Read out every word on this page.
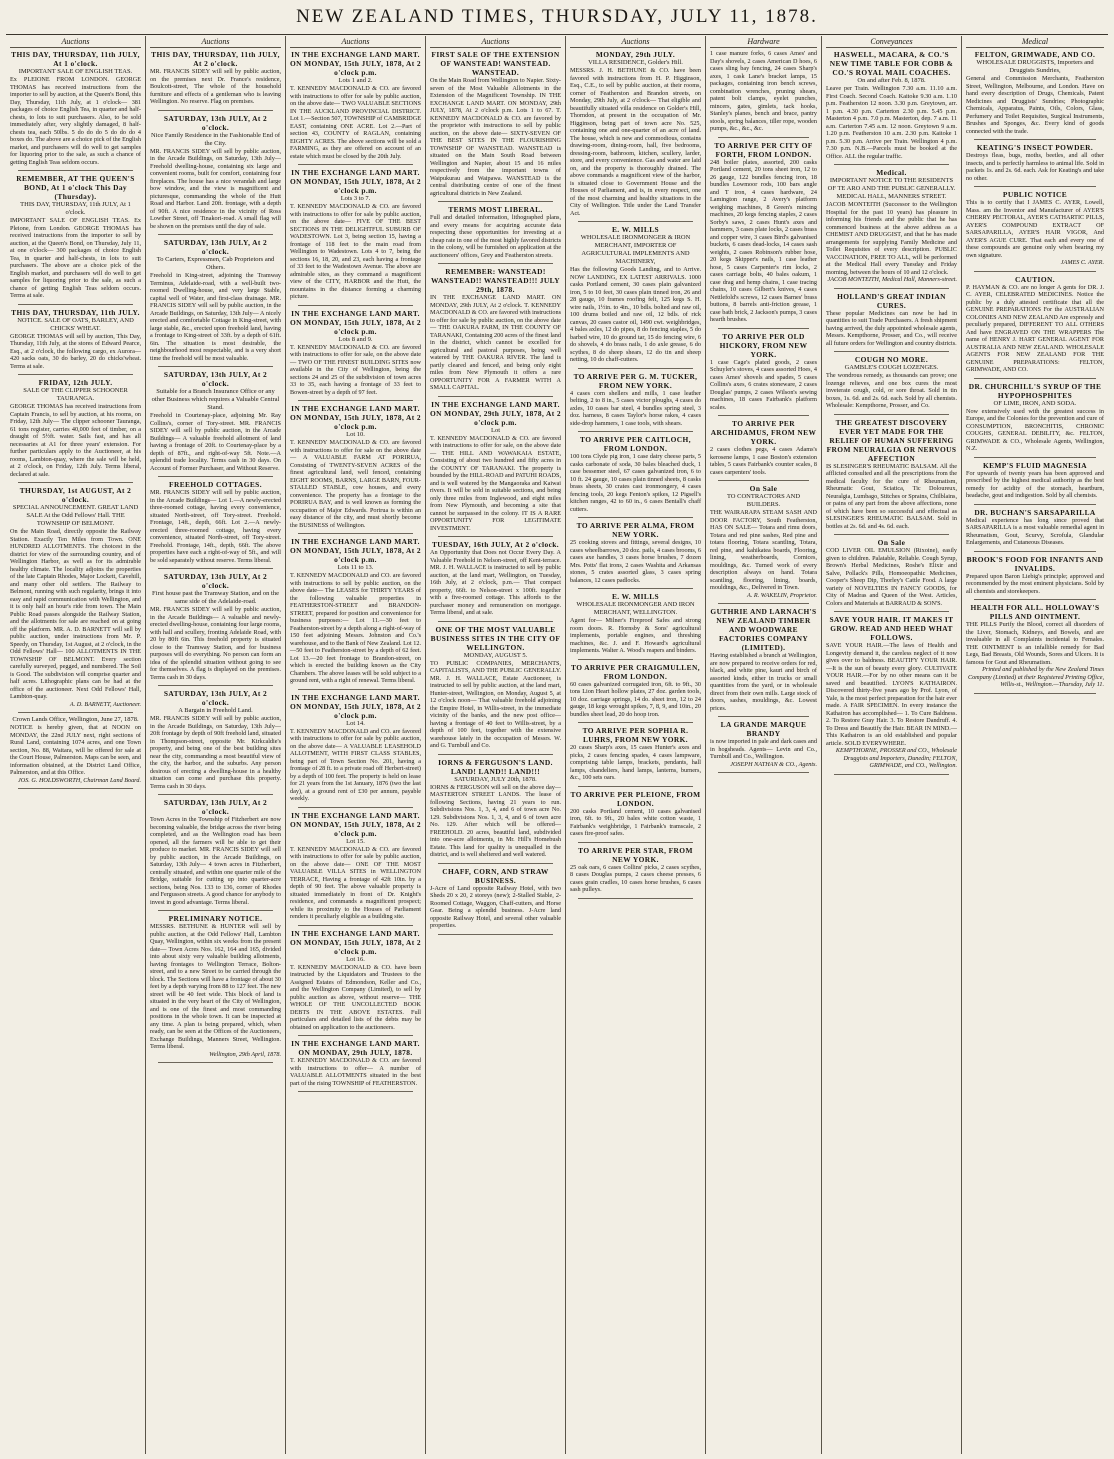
NEW ZEALAND TIMES, THURSDAY, JULY 11, 1878.
Auctions
THIS DAY, THURSDAY, 11th JULY, At 1 o'clock.
IMPORTANT SALE OF ENGLISH TEAS.
Ex PLEIONE FROM LONDON. GEORGE THOMAS has received instructions from the importer to sell by auction, at the Queen's Bond, this Day, Thursday, 11th July, at 1 o'clock— 381 packages of choice English Tea, in quarter and half-chests, to lots to suit purchasers. Also, to be sold immediately after, very slightly damaged, 8 half-chests tea, each 50lbs. 5 do do do 5 do do do 4 boxes do. The above are a choice pick of the English market, and purchasers will do well to get samples for liquoring prior to the sale, as such a chance of getting English Teas seldom occurs.
REMEMBER, AT THE QUEEN'S BOND, At 1 o'clock This Day (Thursday).
THIS DAY, THURSDAY, 11th JULY, At 1 o'clock.
IMPORTANT SALE OF ENGLISH TEAS. Ex Pleione, from London. GEORGE THOMAS has received instructions from the importer to sell by auction, at the Queen's Bond, on Thursday, July 11, at one o'clock— 300 packages of choice English Tea, in quarter and half-chests, in lots to suit purchasers. The above are a choice pick of the English market, and purchasers will do well to get samples for liquoring prior to the sale, as such a chance of getting English Teas seldom occurs. Terms at sale.
THIS DAY, THURSDAY, 11th JULY.
NOTICE. SALE OF OATS, BARLEY, AND CHICKS' WHEAT.
GEORGE THOMAS will sell by auction, This Day, Thursday, 11th July, at the stores of Edward Pearce, Esq., at 2 o'clock, the following cargo, ex Aurora— 420 sacks oats, 30 do barley, 20 do chicks'wheat. Terms at sale.
FRIDAY, 12th JULY.
SALE OF THE CLIPPER SCHOONER TAURANGA.
GEORGE THOMAS has received instructions from Captain Francis, to sell by auction, at his rooms, on Friday, 12th July— The clipper schooner Tauranga, 61 tons register, carries 40,000 feet of timber, on a draught of 5½ft. water. Sails fast, and has all necessaries at A1 for three years' extension. For further particulars apply to the Auctioneer, at his rooms, Lambton-quay, where the sale will be held, at 2 o'clock, on Friday, 12th July. Terms liberal, declared at sale.
THURSDAY, 1st AUGUST, At 2 o'clock.
SPECIAL ANNOUNCEMENT. GREAT LAND SALE At the Odd Fellows' Hall. THE TOWNSHIP OF BELMONT.
On the Main Road, directly opposite the Railway Station. Exactly Ten Miles from Town. ONE HUNDRED ALLOTMENTS. The choicest in the district for view of the surrounding country, and of Wellington Harbor, as well as for its admirable healthy climate. The locality adjoins the properties of the late Captain Rhodes, Major Lockett, Cavehill, and many other old settlers. The Railway to Belmont, running with such regularity, brings it into easy and rapid communication with Wellington, and it is only half an hour's ride from town. The Main Public Road passes alongside the Railway Station, and the allotments for sale are reached on at going off the platform. MR. A. D. BARNETT will sell by public auction, under instructions from Mr. P. Speedy, on Thursday, 1st August, at 2 o'clock, in the Odd Fellows' Hall— 100 ALLOTMENTS IN THE TOWNSHIP OF BELMONT. Every section carefully surveyed, pegged, and numbered. The Soil is Good. The subdivision will comprise quarter and half acres. Lithographic plans can be had at the office of the auctioneer. Next Odd Fellows' Hall, Lambton-quay.
A. D. BARNETT, Auctioneer.
Crown Lands Office, Wellington, June 27, 1878.
NOTICE is hereby given, that at NOON on MONDAY, the 22nd JULY next, right sections of Rural Land, containing 1074 acres, and one Town section, No. 88, Waitara, will be offered for sale at the Court House, Palmerston. Maps can be seen, and information obtained, at the District Land Office, Palmerston, and at this Office.
JOS. G. HOLDSWORTH, Chairman Land Board.
Auctions
THIS DAY, THURSDAY, 11th JULY, At 2 o'clock.
MR. FRANCIS SIDEY will sell by public auction, on the premises next Dr. France's residence, Boulcott-street, The whole of the household furniture and effects of a gentleman who is leaving Wellington. No reserve. Flag on premises.
SATURDAY, 13th JULY, At 2 o'clock.
Nice Family Residence in the Fashionable End of the City.
MR. FRANCIS SIDEY will sell by public auction, in the Arcade Buildings, on Saturday, 13th July— Freehold dwelling-house, containing six large and convenient rooms, built for comfort, containing four fireplaces. The house has a nice verandah and large bow window, and the view is magnificent and picturesque, commanding the whole of the Hutt Road and Harbor. Land 20ft. frontage, with a depth of 90ft. A nice residence in the vicinity of Ross Lowther Street, off Tinakori-road. A small flag will be shown on the premises until the day of sale.
SATURDAY, 13th JULY, At 2 o'clock.
To Carters, Expressmen, Cab Proprietors and Others.
Freehold in King-street, adjoining the Tramway Terminus, Adelaide-road, with a well-built two-roomed Dwelling-house, and very large Stable, capital well of Water, and first-class drainage. MR. FRANCIS SIDEY will sell by public auction, in the Arcade Buildings, on Saturday, 13th July— A nicely erected and comfortable Cottage in King-street, with large stable, &c., erected upon freehold land, having a frontage to King-street of 33ft. by a depth of 61ft. 6in. The situation is most desirable, the neighbourhood most respectable, and is a very short time the freehold will be most valuable.
SATURDAY, 13th JULY, At 2 o'clock.
Suitable for a Branch Insurance Office or any other Business which requires a Valuable Central Stand.
Freehold in Courtenay-place, adjoining Mr. Ray Collins's, corner of Tory-street. MR. FRANCIS SIDEY will sell by public auction, in the Arcade Buildings— A valuable freehold allotment of land having a frontage of 20ft. to Courtenay-place by a depth of 87ft., and right-of-way 5ft. Note.—A splendid trade locality. Terms cash in 30 days. On Account of Former Purchaser, and Without Reserve.
FREEHOLD COTTAGES.
MR. FRANCIS SIDEY will sell by public auction, in the Arcade Buildings— Lot 1.—A newly-erected three-roomed cottage, having every convenience, situated North-street, off Tory-street. Freehold. Frontage, 14ft., depth, 66ft. Lot 2.—A newly-erected three-roomed cottage, having every convenience, situated North-street, off Tory-street. Freehold. Frontage, 14ft., depth, 66ft. The above properties have each a right-of-way of 5ft., and will be sold separately without reserve. Terms liberal.
SATURDAY, 13th JULY, At 2 o'clock.
First house past the Tramway Station, and on the same side of the Adelaide-road.
MR. FRANCIS SIDEY will sell by public auction, in the Arcade Buildings— A valuable and newly-erected dwelling-house, containing four large rooms, with hall and scullery, fronting Adelaide Road, with 20 by 80ft 6in. This freehold property is situated close to the Tramway Station, and for business purposes will do everything. No person can form an idea of the splendid situation without going to see for themselves. A flag is displayed on the premises. Terms cash in 30 days.
SATURDAY, 13th JULY, At 2 o'clock.
A Bargain in Freehold Land.
MR. FRANCIS SIDEY will sell by public auction, in the Arcade Buildings, on Saturday, 13th July— 20ft frontage by depth of 90ft freehold land, situated in Thompson-street, opposite Mr. Kirkcaldie's property, and being one of the best building sites near the city, commanding a most beautiful view of the city, the harbor, and the suburbs. Any person desirous of erecting a dwelling-house in a healthy situation can come and purchase this property. Terms cash in 30 days.
SATURDAY, 13th JULY, At 2 o'clock.
Town Acres in the Township of Fitzherbert are now becoming valuable, the bridge across the river being completed, and as the Wellington road has been opened, all the farmers will be able to get their produce to market. MR. FRANCIS SIDEY will sell by public auction, in the Arcade Buildings, on Saturday, 13th July— 4 town acres in Fitzherbert, centrally situated, and within one quarter mile of the Bridge, suitable for cutting up into quarter-acre sections, being Nos. 133 to 136, corner of Rhodes and Fergusson streets. A good chance for anybody to invest in good advantage. Terms liberal.
PRELIMINARY NOTICE.
MESSRS. BETHUNE & HUNTER will sell by public auction, at the Odd Fellows' Hall, Lambton Quay, Wellington, within six weeks from the present date— Town Acres Nos. 162, 164 and 165, divided into about sixty very valuable building allotments, having frontages to Wellington Terrace, Bolton-street, and to a new Street to be carried through the block. The Sections will have a frontage of about 30 feet by a depth varying from 88 to 127 feet. The new street will be 40 feet wide. This block of land is situated in the very heart of the City of Wellington, and is one of the finest and most commanding positions in the whole town. It can be inspected at any time. A plan is being prepared, which, when ready, can be seen at the Offices of the Auctioneers, Exchange Buildings, Manners Street, Wellington. Terms liberal.
Wellington, 29th April, 1878.
Auctions
IN THE EXCHANGE LAND MART. ON MONDAY, 15th JULY, 1878, At 2 o'clock p.m.
Lots 1 and 2.
T. KENNEDY MACDONALD & CO. are favored with instructions to offer for sale by public auction, on the above date— TWO VALUABLE SECTIONS IN THE AUCKLAND PROVINCIAL DISTRICT. Lot 1.—Section 507, TOWNSHIP of CAMBRIDGE EAST, containing ONE ACRE. Lot 2.—Part of section 43, COUNTY of RAGLAN, containing EIGHTY ACRES. The above sections will be sold a FARMING, as they are offered on account of an estate which must be closed by the 20th July.
IN THE EXCHANGE LAND MART. ON MONDAY, 15th JULY, 1878, At 2 o'clock p.m.
Lots 3 to 7.
T. KENNEDY MACDONALD & CO. are favored with instructions to offer for sale by public auction, on the above date— FIVE OF THE BEST SECTIONS IN THE DELIGHTFUL SUBURB OF WADESTOWN. Lot 3, being section 15, having a frontage of 118 feet to the main road from Wellington to Wadestown. Lots 4 to 7, being the sections 16, 18, 20, and 23, each having a frontage of 33 feet to the Wadestown Avenue. The above are admirable sites, as they command a magnificent view of the CITY, HARBOR and the Hutt, the mountains in the distance forming a charming picture.
IN THE EXCHANGE LAND MART. ON MONDAY, 15th JULY, 1878, At 2 o'clock p.m.
Lots 8 and 9.
T. KENNEDY MACDONALD & CO. are favored with instructions to offer for sale, on the above date— TWO OF THE FINEST BUILDING SITES now available in the City of Wellington, being the sections 24 and 25 of the subdivision of town acres 33 to 35, each having a frontage of 33 feet to Bowen-street by a depth of 97 feet.
IN THE EXCHANGE LAND MART. ON MONDAY, 15th JULY, 1878, At 2 o'clock p.m.
Lot 10.
T. KENNEDY MACDONALD & CO. are favored with instructions to offer for sale on the above date— A VALUABLE FARM AT PORIRUA, Consisting of TWENTY-SEVEN ACRES of the finest agricultural land, well fenced, containing EIGHT ROOMS, BARNS, LARGE BARN, FOUR-STALLED STABLE, cow houses, and every convenience. The property has a frontage to the PORIRUA BAY, and is well known as forming the occupation of Major Edwards. Porirua is within an easy distance of the city, and must shortly become the BUSINESS of Wellington.
IN THE EXCHANGE LAND MART. ON MONDAY, 15th JULY, 1878, At 2 o'clock p.m.
Lots 11 to 13.
T. KENNEDY MACDONALD and CO. are favored with instructions to sell by public auction, on the above date— The LEASES for THIRTY YEARS of the following valuable properties in FEATHERSTON-STREET and BRANDON-STREET, prepared for position and convenience for business purposes:— Lot 11.—30 feet to Featherston-street by a depth along a right-of-way of 150 feet adjoining Messrs. Johnston and Co.'s warehouse, and to the Bank of New Zealand. Lot 12.—50 feet to Featherston-street by a depth of 62 feet. Lot 13.—20 feet frontage to Brandon-street, on which is erected the building known as the City Chambers. The above leases will be sold subject to a ground rent, with a right of renewal. Terms liberal.
IN THE EXCHANGE LAND MART. ON MONDAY, 15th JULY, 1878, At 2 o'clock p.m.
Lot 14.
T. KENNEDY MACDONALD and CO. are favored with instructions to offer for sale by public auction, on the above date— A VALUABLE LEASEHOLD ALLOTMENT, WITH FIRST CLASS STABLES, being part of Town Section No. 201, having a frontage of 28 ft. to a private road off Herbert-street) by a depth of 100 feet. The property is held on lease for 21 years from the 1st January, 1876 (two the last day), at a ground rent of £30 per annum, payable weekly.
IN THE EXCHANGE LAND MART. ON MONDAY, 15th JULY, 1878, At 2 o'clock p.m.
Lot 15.
T. KENNEDY MACDONALD & CO. are favored with instructions to offer for sale by public auction, on the above date— ONE OF THE MOST VALUABLE VILLA SITES in WELLINGTON TERRACE, Having a frontage of 42ft 10in. by a depth of 90 feet. The above valuable property is situated immediately in front of Dr. Knight's residence, and commands a magnificent prospect; while its proximity to the Houses of Parliament renders it peculiarly eligible as a building site.
IN THE EXCHANGE LAND MART. ON MONDAY, 15th JULY, 1878, At 2 o'clock p.m.
Lot 16.
T. KENNEDY MACDONALD & CO. have been instructed by the Liquidators and Trustees to the Assigned Estates of Edmondson, Keller and Co., and the Wellington Company (Limited), to sell by public auction as above, without reserve— THE WHOLE OF THE UNCOLLECTED BOOK DEBTS IN THE ABOVE ESTATES. Full particulars and detailed lists of the debts may be obtained on application to the auctioneers.
IN THE EXCHANGE LAND MART. ON MONDAY, 29th JULY, 1878.
T. KENNEDY MACDONALD & CO. are favored with instructions to offer— A number of VALUABLE ALLOTMENTS situated in the best part of the rising TOWNSHIP of FEATHERSTON.
Auctions
FIRST SALE OF THE EXTENSION OF WANSTEAD! WANSTEAD. WANSTEAD.
On the Main Road from Wellington to Napier. Sixty-seven of the Most Valuable Allotments in the Extension of the Magnificent Township. IN THE EXCHANGE LAND MART. ON MONDAY, 29th JULY, 1878, At 2 o'clock p.m. Lots 1 to 67. T. KENNEDY MACDONALD & CO. are favored by the proprietor with instructions to sell by public auction, on the above date— SIXTY-SEVEN OF THE BEST SITES IN THE FLOURISHING TOWNSHIP OF WANSTEAD. WANSTEAD is situated on the Main South Road between Wellington and Napier, about 15 and 16 miles respectively from the important towns of Waipukurau and Waipawa. WANSTEAD is the central distributing centre of one of the finest agricultural districts in New Zealand.
TERMS MOST LIBERAL.
Full and detailed information, lithographed plans, and every means for acquiring accurate data respecting these opportunities for investing at a cheap rate in one of the most highly favored districts in the colony, will be furnished on application at the auctioneers' offices, Grey and Featherston streets.
REMEMBER: WANSTEAD! WANSTEAD!! WANSTEAD!!! JULY 29th, 1878.
IN THE EXCHANGE LAND MART. ON MONDAY, 29th JULY, At 2 o'clock. T. KENNEDY MACDONALD & CO. are favored with instructions to offer for sale by public auction, on the above date— THE OAKURA FARM, IN THE COUNTY OF TARANAKI, Containing 200 acres of the finest land in the district, which cannot be excelled for agricultural and pastoral purposes, being well watered by THE OAKURA RIVER. The land is partly cleared and fenced, and being only eight miles from New Plymouth it offers a rare OPPORTUNITY FOR A FARMER WITH A SMALL CAPITAL.
IN THE EXCHANGE LAND MART. ON MONDAY, 29th JULY, 1878, At 2 o'clock p.m.
Lot
T. KENNEDY MACDONALD & CO. are favored with instructions to offer for sale, on the above date— THE HILL AND WAWAKAIA ESTATE, Consisting of about two hundred and fifty acres in the COUNTY OF TARANAKI. The property is bounded by the HILL-ROAD and PATUHI ROADS, and is well watered by the Mangaoraka and Kaiwai rivers. It will be sold in suitable sections, and being only three miles from Inglewood, and eight miles from New Plymouth, and becoming a site that cannot be surpassed in the colony. IT IS A RARE OPPORTUNITY FOR LEGITIMATE INVESTMENT.
TUESDAY, 16th JULY, At 2 o'clock.
An Opportunity that Does not Occur Every Day. A Valuable Freehold in Nelson-street, off Kent-terrace. MR. J. H. WALLACE is instructed to sell by public auction, at the land mart, Wellington, on Tuesday, 16th July, at 2 o'clock, p.m.— That compact property, 66ft. to Nelson-street x 100ft. together with a five-roomed cottage. This affords to the purchaser money and remuneration on mortgage. Terms liberal, and at sale.
ONE OF THE MOST VALUABLE BUSINESS SITES IN THE CITY OF WELLINGTON.
MONDAY, AUGUST 5.
TO PUBLIC COMPANIES, MERCHANTS, CAPITALISTS, AND THE PUBLIC GENERALLY. MR. J. H. WALLACE, Estate Auctioneer, is instructed to sell by public auction, at the land mart, Hunter-street, Wellington, on Monday, August 5, at 12 o'clock noon— That valuable freehold adjoining the Empire Hotel, in Willis-street, in the immediate vicinity of the banks, and the new post office— having a frontage of 40 feet to Willis-street, by a depth of 100 feet, together with the extensive warehouse lately in the occupation of Messrs. W. and G. Turnbull and Co.
IORNS & FERGUSON'S LAND. LAND! LAND!! LAND!!!
SATURDAY, JULY 20th, 1878.
IORNS & FERGUSON will sell on the above day— MASTERTON STREET LANDS. The lease of following Sections, having 21 years to run. Subdivisions Nos. 1, 3, 4, and 6 of town acre No. 129. Subdivisions Nos. 1, 3, 4, and 6 of town acre No. 129. After which will be offered— FREEHOLD. 20 acres, beautiful land, subdivided into one-acre allotments, in Mr. Hill's Homebush Estate. This land for quality is unequalled in the district, and is well sheltered and well watered.
CHAFF, CORN, AND STRAW BUSINESS.
J-Acre of Land opposite Railway Hotel, with two Sheds 20 x 20, 2 storeys (new); 2-Stalled Stable, 2-Roomed Cottage, Waggon, Chaff-cutters, and Horse Gear. Being a splendid business. J-Acre land opposite Railway Hotel, and several other valuable properties.
Auctions
MONDAY, 29th JULY.
VILLA RESIDENCE, Golder's Hill.
MESSRS. J. H. BETHUNE & CO. have been favored with instructions from H. P. Higginson, Esq., C.E., to sell by public auction, at their rooms, corner of Featherston and Brandon streets, on Monday, 29th July, at 2 o'clock— That eligible and beautifully situated villa residence on Golder's Hill, Thorndon, at present in the occupation of Mr. Higginson, being part of town acre No. 525, containing one and one-quarter of an acre of land. The house, which is new and commodious, contains drawing-room, dining-room, hall, five bedrooms, dressing-room, bathroom, kitchen, scullery, larder, store, and every convenience. Gas and water are laid on, and the property is thoroughly drained. The above commands a magnificent view of the harbor, is situated close to Government House and the Houses of Parliament, and is, in every respect, one of the most charming and healthy situations in the City of Wellington. Title under the Land Transfer Act.
E. W. MILLS
WHOLESALE IRONMONGER & IRON MERCHANT, IMPORTER OF AGRICULTURAL IMPLEMENTS AND MACHINERY,
Has the following Goods Landing, and to Arrive. NOW LANDING, EX LATEST ARRIVALS. 1000 casks Portland cement, 30 cases plain galvanized iron, 5 to 10 feet, 30 cases plain tinned iron, 26 and 28 gauge, 10 frames roofing felt, 125 kegs S. H. wire nails, 1½in. to 4in., 10 bdls. bolted and raw oil, 100 drums boiled and raw oil, 12 bdls. of rick canvas, 20 cases castor oil, 1490 cwt. weighbridges, 4 bales axles, 12 do pipes, 8 do fencing staples, 5 do barbed wire, 10 do ground tar, 15 do fencing wire, 6 do shovels, 4 do brass nails, 1 do axle grease, 6 do scythes, 8 do sheep shears, 12 do tin and sheep netting, 10 do chaff-cutters.
TO ARRIVE PER G. M. TUCKER, FROM NEW YORK.
4 cases corn shellers and mills, 1 case leather belting, 2 to 8 in., 5 cases victor ploughs, 4 cases do axles, 10 cases bar steel, 4 bundles spring steel, 3 doz. harness, 8 cases Taylor's horse rakes, 4 cases side-drop hammers, 1 case tools, with shears.
TO ARRIVE PER CAITLOCH, FROM LONDON.
100 tons Clyde pig iron, 1 case dairy cheese parts, 5 casks carbonate of soda, 30 bales bleached duck, 1 case bessemer steel, 67 cases galvanized iron, 6 to 10 ft. 24 gauge, 10 cases plain tinned sheets, 8 casks brass sheets, 30 crates cast ironmongery, 4 cases fencing tools, 20 kegs Fenton's spikes, 12 Pigsell's kitchen ranges, 42 to 60 in., 6 cases Bentall's chaff cutters.
TO ARRIVE PER ALMA, FROM NEW YORK.
25 cooking stoves and fittings, several designs, 10 cases wheelbarrows, 20 doz. pails, 4 cases brooms, 6 cases axe handles, 3 cases horse brushes, 7 dozen Mrs. Potts' flat irons, 2 cases Washita and Arkansas stones, 5 crates assorted glass, 3 cases spring balances, 12 cases padlocks.
E. W. MILLS
WHOLESALE IRONMONGER AND IRON MERCHANT, WELLINGTON.
Agent for— Milner's Fireproof Safes and strong room doors. R. Hornsby & Sons' agricultural implements, portable engines, and threshing machines, &c. J. and F. Howard's agricultural implements. Walter A. Wood's reapers and binders.
TO ARRIVE PER CRAIGMULLEN, FROM LONDON.
60 cases galvanized corrugated iron, 6ft. to 9ft., 30 tons Lion Heart hollow plates, 27 doz. garden tools, 10 doz. carriage springs, 14 do. sheet iron, 12 to 24 gauge, 18 kegs wrought spikes, 7, 8, 9, and 10in., 20 bundles sheet lead, 20 do hoop iron.
TO ARRIVE PER SOPHIA R. LUHRS, FROM NEW YORK.
20 cases Sharp's axes, 15 cases Hunter's axes and picks, 2 cases fencing spades, 4 cases lampware, comprising table lamps, brackets, pendants, hall lamps, chandeliers, hand lamps, lanterns, burners, &c., 100 sets oars.
TO ARRIVE PER PLEIONE, FROM LONDON.
200 casks Portland cement, 10 cases galvanised iron, 6ft. to 9ft., 20 bales white cotton waste, 1 Fairbank's weighbridge, 1 Fairbank's tramscale, 2 cases fire-proof safes.
TO ARRIVE PER STAR, FROM NEW YORK.
25 oak oars, 6 cases Collins' picks, 2 cases scythes, 8 cases Douglas pumps, 2 cases cheese presses, 6 cases grain cradles, 10 cases horse brushes, 6 cases sash pulleys.
Hardware
1 case manure forks, 6 cases Ames' and Day's shovels, 2 cases American D hoes, 6 cases sling bay fencing, 24 cases Sharp's axes, 1 cask Lane's bracket lamps, 15 packages, containing iron bench screws, combination wrenches, pruning shears, patent bolt clamps, eyelet punches, mincers, gates, gimlets, tack hooks, Stanley's planes, bench and brace, pantry stools, spring balances, tiller rope, wooden pumps, &c., &c., &c.
TO ARRIVE PER CITY OF FORTH, FROM LONDON.
248 boiler plates, assorted, 200 casks Portland cement, 20 tons sheet iron, 12 to 26 gauge, 122 bundles fencing iron, 18 bundles Lowmoor rods, 100 bars angle and T iron, 4 cases hardware, 24 Lamington range, 2 Avery's platform weighing machines, 8 Green's mincing machines, 20 kegs fencing staples, 2 cases Sorby's saws, 2 cases Hunt's axes and hammers, 3 cases plate locks, 2 cases brass and copper wire, 3 cases Bird's galvanised buckets, 6 cases dead-locks, 14 cases sash weights, 2 cases Robinson's rubber hose, 20 kegs Skipper's nails, 1 case leather hose, 5 cases Carpenter's rim locks, 2 cases carriage bolts, 40 bales oakum, 1 case drag and hemp chains, 1 case tracing chains, 10 cases Gilbert's knives, 4 cases Nettlefold's screws, 12 cases Barnes' brass buttons, 8 barrels anti-friction grease, 1 case bath brick, 2 Jackson's pumps, 3 cases hearth brushes.
TO ARRIVE PER OLD HICKORY, FROM NEW YORK.
1 case Cage's plated goods, 2 cases Schuyler's stoves, 4 cases assorted Hoes, 4 cases Ames' shovels and spades, 5 cases Collins's axes, 6 crates stoneware, 2 cases Douglas' pumps, 2 cases Wilson's sewing machines, 18 cases Fairbank's platform scales.
TO ARRIVE PER ARCHIDAMUS, FROM NEW YORK.
2 cases clothes pegs, 4 cases Adams's kerosene lamps, 1 case Boston's extension tables, 5 cases Fairbank's counter scales, 8 cases carpenters' tools.
On Sale
TO CONTRACTORS AND BUILDERS.
THE WAIRARAPA STEAM SASH AND DOOR FACTORY, South Featherston, HAS ON SALE— Totara and rimu doors, Totara and red pine sashes, Red pine and totara flooring, Totara scantling, Totara, red pine, and kahikatea boards, Flooring, lining, weatherboards, Cornices, mouldings, &c. Turned work of every description always on hand. Totara scantling, flooring, lining, boards, mouldings, &c., Delivered in Town.
A. R. WAKELIN, Proprietor.
GUTHRIE AND LARNACH'S NEW ZEALAND TIMBER AND WOODWARE FACTORIES COMPANY (LIMITED).
Having established a branch at Wellington, are now prepared to receive orders for red, black, and white pine, kauri and birch of assorted kinds, either in trucks or small quantities from the yard, or in wholesale direct from their own mills. Large stock of doors, sashes, mouldings, &c. Lowest prices.
LA GRANDE MARQUE BRANDY
is now imported in pale and dark cases and in hogsheads. Agents— Levin and Co., Turnbull and Co., Wellington.
JOSEPH NATHAN & CO., Agents.
Conveyances
HASWELL, MACARA, & CO.'S NEW TIME TABLE FOR COBB & CO.'S ROYAL MAIL COACHES.
On and after Feb. 8, 1878.
Leave per Train. Wellington 7.30 a.m. 11.10 a.m. First Coach. Second Coach. Kaitoke 9.30 a.m. 1.10 p.m. Featherston 12 noon. 3.30 p.m. Greytown, arr. 1 p.m. 4.30 p.m. Carterton 2.30 p.m. 5.45 p.m. Masterton 4 p.m. 7.0 p.m. Masterton, dep. 7 a.m. 11 a.m. Carterton 7.45 a.m. 12 noon. Greytown 9 a.m. 1.20 p.m. Featherston 10 a.m. 2.30 p.m. Kaitoke 1 p.m. 5.30 p.m. Arrive per Train. Wellington 4 p.m. 7.30 p.m. N.B.—Parcels must be booked at the Office. ALL the regular traffic.
Medical.
IMPORTANT NOTICE TO THE RESIDENTS OF TE ARO AND THE PUBLIC GENERALLY. MEDICAL HALL, MANNERS STREET.
JACOB MONTEITH (Successor to the Wellington Hospital for the past 10 years) has pleasure in informing his friends and the public that he has commenced business at the above address as a CHEMIST AND DRUGGIST, and that he has made arrangements for supplying Family Medicine and Toilet Requisites of every description. PUBLIC VACCINATION, FREE TO ALL, will be performed at the Medical Hall every Tuesday and Friday morning, between the hours of 10 and 12 o'clock.
JACOB MONTEITH, Medical Hall, Manners-street.
HOLLAND'S GREAT INDIAN CURES.
These popular Medicines can now be had in quantities to suit Trade Purchasers. A fresh shipment having arrived, the duly appointed wholesale agents, Messrs. Kempthorne, Prosser, and Co., will receive all future orders for Wellington and country districts.
COUGH NO MORE.
GAMBLE'S COUGH LOZENGES.
The wondrous remedy, as thousands can prove; one lozenge relieves, and one box cures the most inveterate cough, cold, or sore throat. Sold in tin boxes, 1s. 6d. and 2s. 6d. each. Sold by all chemists. Wholesale: Kempthorne, Prosser, and Co.
THE GREATEST DISCOVERY EVER YET MADE FOR THE RELIEF OF HUMAN SUFFERING FROM NEURALGIA OR NERVOUS AFFECTION
IS SLESINGER'S RHEUMATIC BALSAM. All the afflicted consulted and all the prescriptions from the medical faculty for the cure of Rheumatism, Rheumatic Gout, Sciatica, Tic Doloureux, Neuralgia, Lumbago, Stitches or Sprains, Chilblains, or pains of any part from the above affections, none of which have been so successful and effectual as SLESINGER'S RHEUMATIC BALSAM. Sold in bottles at 2s. 6d. and 4s. 6d. each.
On Sale
COD LIVER OIL EMULSION (Rixoine), easily given to children. Palatable, Reliable. Cough Syrup, Brown's Herbal Medicines, Roshe's Elixir and Salve, Pollack's Pills, Homoeopathic Medicines, Cooper's Sheep Dip, Thorley's Cattle Food. A large variety of NOVELTIES IN FANCY GOODS, for City of Madras and Queen of the West. Articles, Colors and Materials at BARRAUD & SON'S.
SAVE YOUR HAIR. IT MAKES IT GROW. READ AND HEED WHAT FOLLOWS.
SAVE YOUR HAIR.—The laws of Health and Longevity demand it, the careless neglect of it now gives over to baldness. BEAUTIFY YOUR HAIR.—It is the sun of beauty every glory. CULTIVATE YOUR HAIR.—For by no other means can it be saved and beautified. LYON'S KATHAIRON. Discovered thirty-five years ago by Prof. Lyon, of Yale, is the most perfect preparation for the hair ever made. A FAIR SPECIMEN. In every instance the Kathairon has accomplished— 1. To Cure Baldness. 2. To Restore Gray Hair. 3. To Restore Dandruff. 4. To Dress and Beautify the Hair. BEAR IN MIND.—This Kathairon is an old established and popular article. SOLD EVERYWHERE.
KEMPTHORNE, PROSSER and CO., Wholesale Druggists and Importers, Dunedin; FELTON, GRIMWADE, and CO., Wellington.
Medical
FELTON, GRIMWADE, AND CO.
WHOLESALE DRUGGISTS, Importers and Druggists Sundries,
General and Commission Merchants, Featherston Street, Wellington, Melbourne, and London. Have on hand every description of Drugs, Chemicals, Patent Medicines and Druggists' Sundries; Photographic Chemicals, Apparatus, Paints, Oils, Colors, Glass, Perfumery and Toilet Requisites, Surgical Instruments, Brushes and Sponges, &c. Every kind of goods connected with the trade.
KEATING'S INSECT POWDER.
Destroys fleas, bugs, moths, beetles, and all other insects, and is perfectly harmless to animal life. Sold in packets 1s. and 2s. 6d. each. Ask for Keating's and take no other.
PUBLIC NOTICE
This is to certify that I JAMES C. AYER, Lowell, Mass. am the Inventor and Manufacturer of AYER'S CHERRY PECTORAL, AYER'S CATHARTIC PILLS, AYER'S COMPOUND EXTRACT OF SARSAPARILLA, AYER'S HAIR VIGOR, And AYER'S AGUE CURE. That each and every one of these compounds are genuine only when bearing my own signature.
JAMES C. AYER.
CAUTION.
P. HAYMAN & CO. are no longer A gents for DR. J. C. AYER, CELEBRATED MEDICINES. Notice the public by a duly attested certificate that all the GENUINE PREPARATIONS For the AUSTRALIAN COLONIES AND NEW ZEALAND Are expressly and peculiarly prepared, DIFFERENT TO ALL OTHERS And have ENGRAVED ON THE WRAPPERS The name of HENRY J. HART GENERAL AGENT FOR AUSTRALIA AND NEW ZEALAND. WHOLESALE AGENTS FOR NEW ZEALAND FOR THE GENUINE PREPARATIONS: FELTON, GRIMWADE, AND CO.
DR. CHURCHILL'S SYRUP OF THE HYPOPHOSPHITES
OF LIME, IRON, AND SODA.
Now extensively used with the greatest success in Europe, and the Colonies for the prevention and cure of CONSUMPTION, BRONCHITIS, CHRONIC COUGHS, GENERAL DEBILITY, &c. FELTON, GRIMWADE & CO., Wholesale Agents, Wellington, N.Z.
KEMP'S FLUID MAGNESIA
For upwards of twenty years has been approved and prescribed by the highest medical authority as the best remedy for acidity of the stomach, heartburn, headache, gout and indigestion. Sold by all chemists.
DR. BUCHAN'S SARSAPARILLA
Medical experience has long since proved that SARSAPARILLA is a most valuable remedial agent in Rheumatism, Gout, Scurvy, Scrofula, Glandular Enlargements, and Cutaneous Diseases.
BROOK'S FOOD FOR INFANTS AND INVALIDS.
Prepared upon Baron Liebig's principle; approved and recommended by the most eminent physicians. Sold by all chemists and storekeepers.
HEALTH FOR ALL. HOLLOWAY'S PILLS AND OINTMENT.
THE PILLS Purify the Blood, correct all disorders of the Liver, Stomach, Kidneys, and Bowels, and are invaluable in all Complaints incidental to Females. THE OINTMENT is an infallible remedy for Bad Legs, Bad Breasts, Old Wounds, Sores and Ulcers. It is famous for Gout and Rheumatism.
Printed and published by the New Zealand Times Company (Limited) at their Registered Printing Office, Willis-st., Wellington.—Thursday, July 11.
